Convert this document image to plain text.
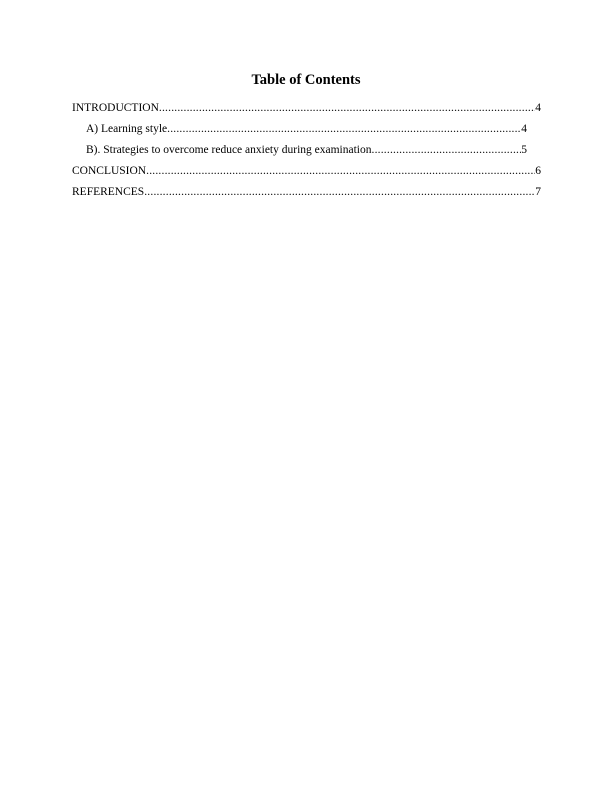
Table of Contents
INTRODUCTION .....	4
A) Learning style .....	4
B). Strategies to overcome reduce anxiety during examination .....	5
CONCLUSION .....	6
REFERENCES .....	7
